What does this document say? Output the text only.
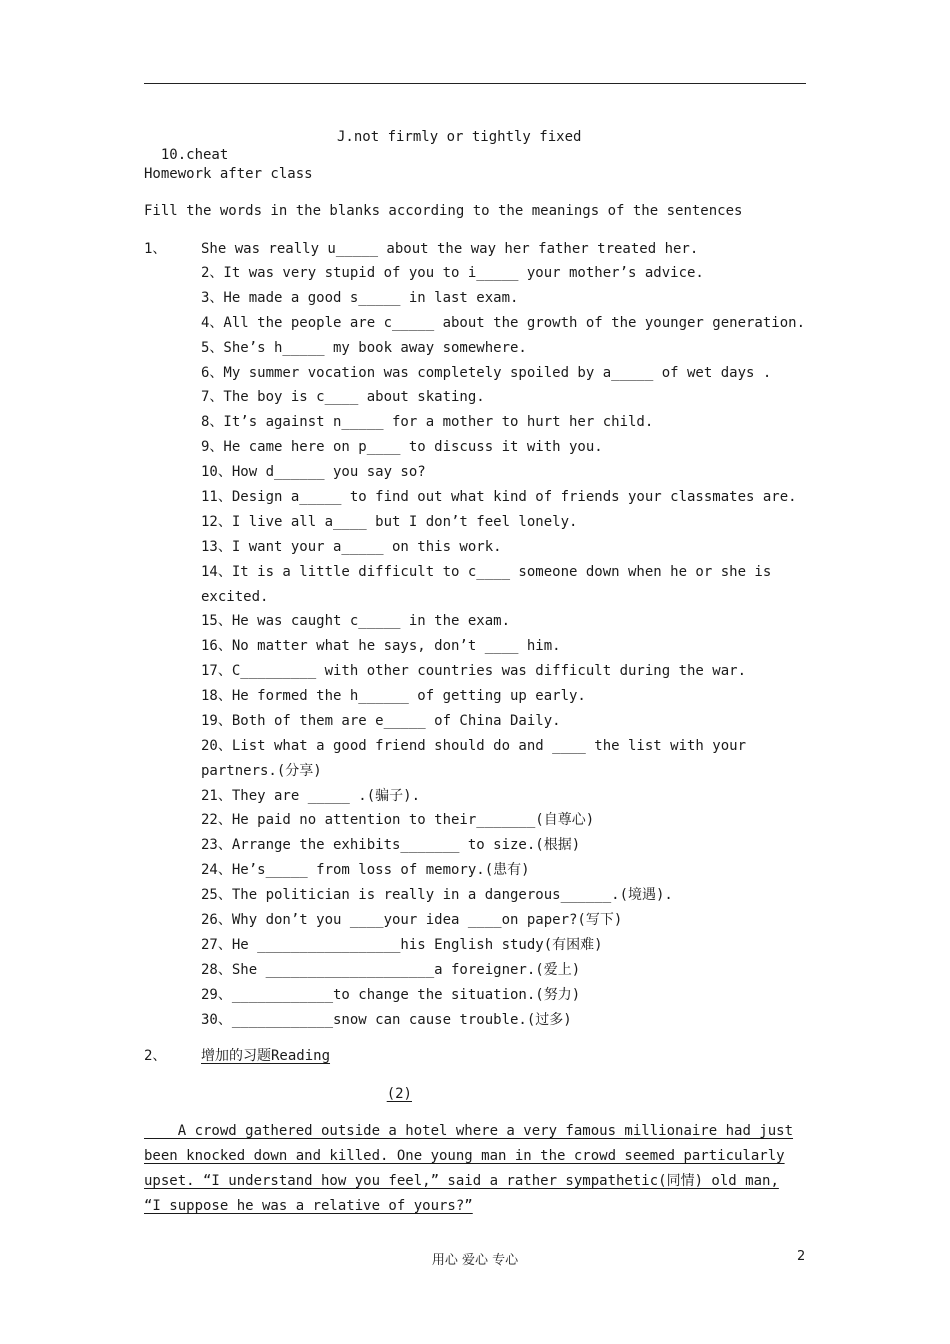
10.cheat
J.not firmly or tightly fixed

Homework after class
Fill the words in the blanks according to the meanings of the sentences
1、 She was really u_____ about the way her father treated her.
2、It was very stupid of you to i_____ your mother’s advice.
3、He made a good s_____ in last exam.
4、All the people are c_____ about the growth of the younger generation.
5、She’s h_____ my book away somewhere.
6、My summer vocation was completely spoiled by a_____ of wet days .
7、The boy is c____ about skating.
8、It’s against n_____ for a mother to hurt her child.
9、He came here on p____ to discuss it with you.
10、How d______ you say so?
11、Design a_____ to find out what kind of friends your classmates are.
12、I live all a____ but I don’t feel lonely.
13、I want your a_____ on this work.
14、It is a little difficult to c____ someone down when he or she is
excited.
15、He was caught c_____ in the exam.
16、No matter what he says, don’t ____ him.
17、C_________ with other countries was difficult during the war.
18、He formed the h______ of getting up early.
19、Both of them are e_____ of China Daily.
20、List what a good friend should do and ____ the list with your
partners.(分享)
21、They are _____ .(骗子).
22、He paid no attention to their_______(自尊心)
23、Arrange the exhibits_______ to size.(根据)
24、He’s_____ from loss of memory.(患有)
25、The politician is really in a dangerous______.(境遇).
26、Why don’t you ____your idea ____on paper?(写下)
27、He _________________his English study(有困难)
28、She ____________________a foreigner.(爱上)
29、____________to change the situation.(努力)
30、____________snow can cause trouble.(过多)
2、 增加的习题Reading
(2)
A crowd gathered outside a hotel where a very famous millionaire had just
been knocked down and killed. One young man in the crowd seemed particularly
upset. “I understand how you feel,” said a rather sympathetic(同情) old man,
“I suppose he was a relative of yours?”
用心 爱心 专心	2
